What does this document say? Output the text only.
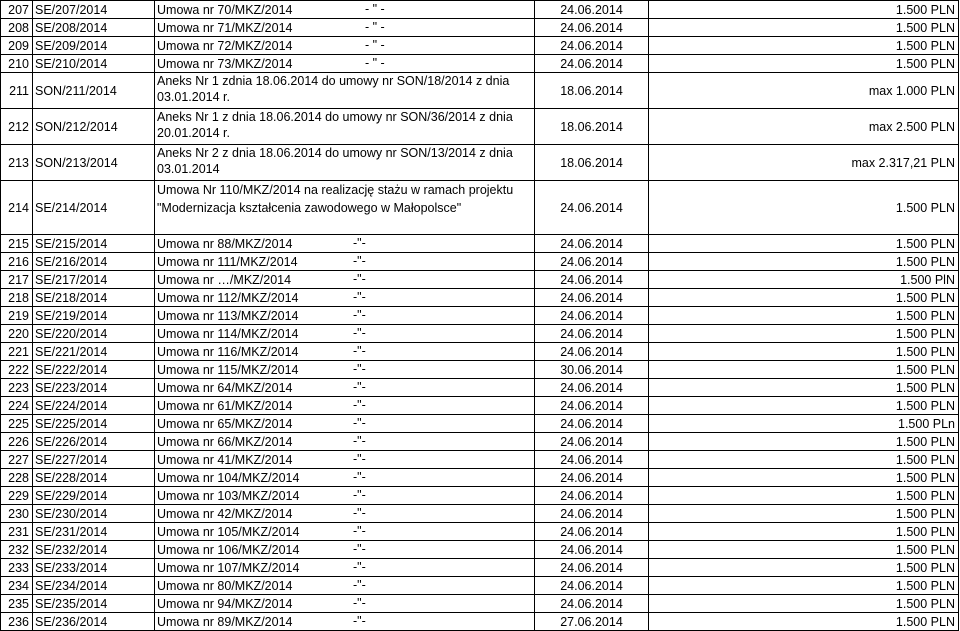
207	SE/207/2014	Umowa nr 70/MKZ/2014 - " -	24.06.2014	1.500 PLN
208	SE/208/2014	Umowa nr 71/MKZ/2014 - " -	24.06.2014	1.500 PLN
209	SE/209/2014	Umowa nr 72/MKZ/2014 - " -	24.06.2014	1.500 PLN
210	SE/210/2014	Umowa nr 73/MKZ/2014 - " -	24.06.2014	1.500 PLN
211	SON/211/2014	Aneks Nr 1 zdnia 18.06.2014 do umowy nr SON/18/2014 z dnia 03.01.2014 r.	18.06.2014	max 1.000 PLN
212	SON/212/2014	Aneks Nr 1 z dnia 18.06.2014 do umowy nr SON/36/2014 z dnia 20.01.2014 r.	18.06.2014	max 2.500 PLN
213	SON/213/2014	Aneks Nr 2 z dnia 18.06.2014 do umowy nr SON/13/2014 z dnia 03.01.2014	18.06.2014	max 2.317,21 PLN
214	SE/214/2014	Umowa Nr 110/MKZ/2014 na realizację stażu w ramach projektu "Modernizacja kształcenia zawodowego w Małopolsce"	24.06.2014	1.500 PLN
215	SE/215/2014	Umowa nr 88/MKZ/2014 -"-	24.06.2014	1.500 PLN
216	SE/216/2014	Umowa nr 111/MKZ/2014 -"-	24.06.2014	1.500 PLN
217	SE/217/2014	Umowa nr …/MKZ/2014 -"-	24.06.2014	1.500 PlN
218	SE/218/2014	Umowa nr 112/MKZ/2014 -"-	24.06.2014	1.500 PLN
219	SE/219/2014	Umowa nr 113/MKZ/2014 -"-	24.06.2014	1.500 PLN
220	SE/220/2014	Umowa nr 114/MKZ/2014 -"-	24.06.2014	1.500 PLN
221	SE/221/2014	Umowa nr 116/MKZ/2014 -"-	24.06.2014	1.500 PLN
222	SE/222/2014	Umowa nr 115/MKZ/2014 -"-	30.06.2014	1.500 PLN
223	SE/223/2014	Umowa nr 64/MKZ/2014 -"-	24.06.2014	1.500 PLN
224	SE/224/2014	Umowa nr 61/MKZ/2014 -"-	24.06.2014	1.500 PLN
225	SE/225/2014	Umowa nr 65/MKZ/2014 -"-	24.06.2014	1.500 PLn
226	SE/226/2014	Umowa nr 66/MKZ/2014 -"-	24.06.2014	1.500 PLN
227	SE/227/2014	Umowa nr 41/MKZ/2014 -"-	24.06.2014	1.500 PLN
228	SE/228/2014	Umowa nr 104/MKZ/2014 -"-	24.06.2014	1.500 PLN
229	SE/229/2014	Umowa nr 103/MKZ/2014 -"-	24.06.2014	1.500 PLN
230	SE/230/2014	Umowa nr 42/MKZ/2014 -"-	24.06.2014	1.500 PLN
231	SE/231/2014	Umowa nr 105/MKZ/2014 -"-	24.06.2014	1.500 PLN
232	SE/232/2014	Umowa nr 106/MKZ/2014 -"-	24.06.2014	1.500 PLN
233	SE/233/2014	Umowa nr 107/MKZ/2014 -"-	24.06.2014	1.500 PLN
234	SE/234/2014	Umowa nr 80/MKZ/2014 -"-	24.06.2014	1.500 PLN
235	SE/235/2014	Umowa nr 94/MKZ/2014 -"-	24.06.2014	1.500 PLN
236	SE/236/2014	Umowa nr 89/MKZ/2014 -"-	27.06.2014	1.500 PLN
